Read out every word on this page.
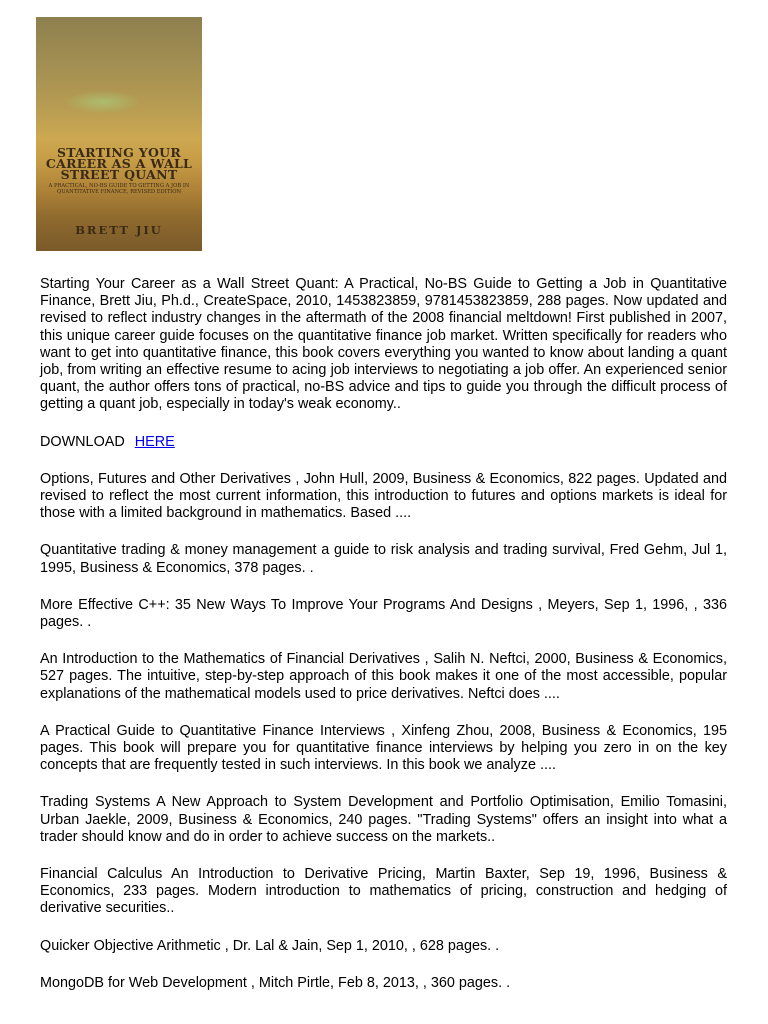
STARTING YOUR CAREER AS A WALL STREET QUANT

A PRACTICAL, NO-BS GUIDE TO GETTING A JOB IN QUANTITATIVE FINANCE, REVISED EDITION

BRETT JIU

Starting Your Career as a Wall Street Quant: A Practical, No-BS Guide to Getting a Job in Quantitative Finance, Brett Jiu, Ph.d., CreateSpace, 2010, 1453823859, 9781453823859, 288 pages. Now updated and revised to reflect industry changes in the aftermath of the 2008 financial meltdown! First published in 2007, this unique career guide focuses on the quantitative finance job market. Written specifically for readers who want to get into quantitative finance, this book covers everything you wanted to know about landing a quant job, from writing an effective resume to acing job interviews to negotiating a job offer. An experienced senior quant, the author offers tons of practical, no-BS advice and tips to guide you through the difficult process of getting a quant job, especially in today's weak economy..

DOWNLOAD HERE

Options, Futures and Other Derivatives , John Hull, 2009, Business & Economics, 822 pages. Updated and revised to reflect the most current information, this introduction to futures and options markets is ideal for those with a limited background in mathematics. Based ....

Quantitative trading & money management a guide to risk analysis and trading survival, Fred Gehm, Jul 1, 1995, Business & Economics, 378 pages. .

More Effective C++: 35 New Ways To Improve Your Programs And Designs , Meyers, Sep 1, 1996, , 336 pages. .

An Introduction to the Mathematics of Financial Derivatives , Salih N. Neftci, 2000, Business & Economics, 527 pages. The intuitive, step-by-step approach of this book makes it one of the most accessible, popular explanations of the mathematical models used to price derivatives. Neftci does ....

A Practical Guide to Quantitative Finance Interviews , Xinfeng Zhou, 2008, Business & Economics, 195 pages. This book will prepare you for quantitative finance interviews by helping you zero in on the key concepts that are frequently tested in such interviews. In this book we analyze ....

Trading Systems A New Approach to System Development and Portfolio Optimisation, Emilio Tomasini, Urban Jaekle, 2009, Business & Economics, 240 pages. "Trading Systems" offers an insight into what a trader should know and do in order to achieve success on the markets..

Financial Calculus An Introduction to Derivative Pricing, Martin Baxter, Sep 19, 1996, Business & Economics, 233 pages. Modern introduction to mathematics of pricing, construction and hedging of derivative securities..

Quicker Objective Arithmetic , Dr. Lal & Jain, Sep 1, 2010, , 628 pages. .

MongoDB for Web Development , Mitch Pirtle, Feb 8, 2013, , 360 pages. .
